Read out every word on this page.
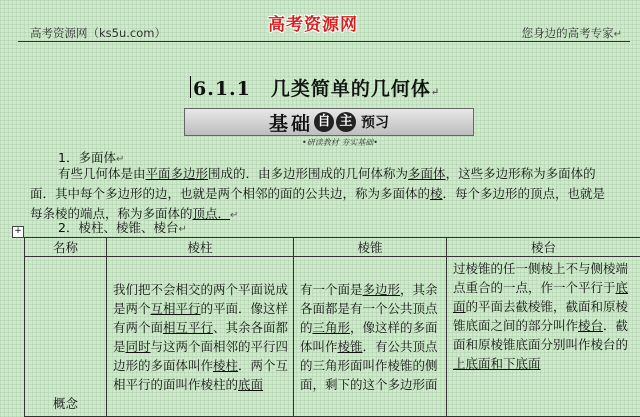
高考资源网（ks5u.com）	您身边的高考专家↵
高考资源网
6.1.1　几类简单的几何体↵
基础 自 主 预习
•研读教材 夯实基础•
1．多面体↵
有些几何体是由平面多边形围成的．由多边形围成的几何体称为多面体，这些多边形称为多面体的面．其中每个多边形的边，也就是两个相邻的面的公共边，称为多面体的棱．每个多边形的顶点，也就是每条棱的端点，称为多面体的顶点．↵
+	2．棱柱、棱锥、棱台↵
名称	棱柱	棱锥	棱台
概念	我们把不会相交的两个平面说成是两个互相平行的平面．像这样有两个面相互平行、其余各面都是同时与这两个面相邻的平行四边形的多面体叫作棱柱．两个互相平行的面叫作棱柱的底面	有一个面是多边形，其余各面都是有一个公共顶点的三角形，像这样的多面体叫作棱锥．有公共顶点的三角形面叫作棱锥的侧面，剩下的这个多边形面	过棱锥的任一侧棱上不与侧棱端点重合的一点，作一个平行于底面的平面去截棱锥，截面和原棱锥底面之间的部分叫作棱台．截面和原棱锥底面分别叫作棱台的上底面和下底面
